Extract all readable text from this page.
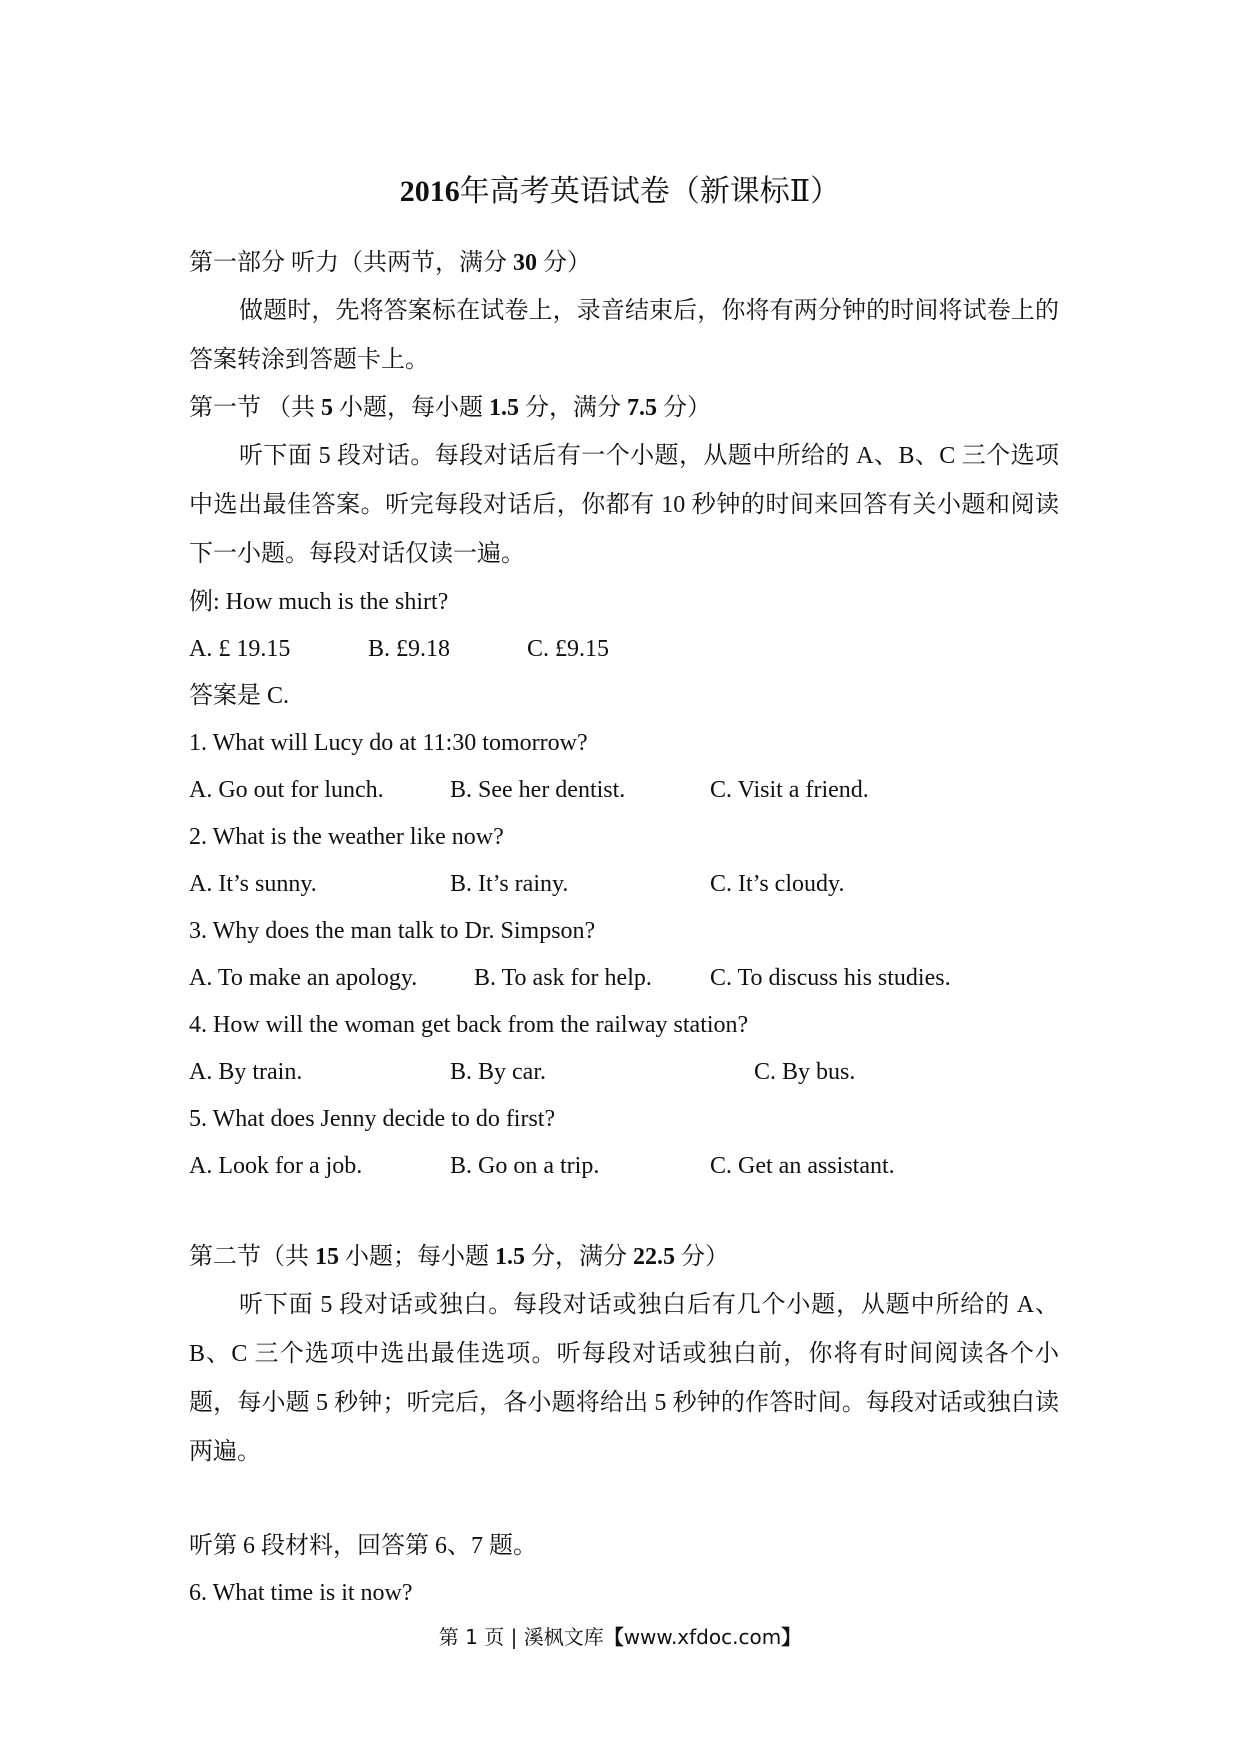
2016年高考英语试卷（新课标Ⅱ）
第一部分 听力（共两节，满分 30 分）

做题时，先将答案标在试卷上，录音结束后，你将有两分钟的时间将试卷上的答案转涂到答题卡上。

第一节 （共 5 小题，每小题 1.5 分，满分 7.5 分）

听下面 5 段对话。每段对话后有一个小题，从题中所给的 A、B、C 三个选项中选出最佳答案。听完每段对话后，你都有 10 秒钟的时间来回答有关小题和阅读下一小题。每段对话仅读一遍。

例: How much is the shirt?
A. £ 19.15	B. £9.18	C. £9.15
答案是 C.
1. What will Lucy do at 11:30 tomorrow?
A. Go out for lunch.	B. See her dentist.	C. Visit a friend.
2. What is the weather like now?
A. It’s sunny.	B. It’s rainy.	C. It’s cloudy.
3. Why does the man talk to Dr. Simpson?
A. To make an apology. B. To ask for help. C. To discuss his studies.
4. How will the woman get back from the railway station?
A. By train.	B. By car.	C. By bus.
5. What does Jenny decide to do first?
A. Look for a job.	B. Go on a trip.	C. Get an assistant.
第二节（共 15 小题；每小题 1.5 分，满分 22.5 分）

听下面 5 段对话或独白。每段对话或独白后有几个小题，从题中所给的 A、B、C 三个选项中选出最佳选项。听每段对话或独白前，你将有时间阅读各个小题，每小题 5 秒钟；听完后，各小题将给出 5 秒钟的作答时间。每段对话或独白读两遍。

听第 6 段材料，回答第 6、7 题。
6. What time is it now?
第 1 页 | 溪枫文库【www.xfdoc.com】
